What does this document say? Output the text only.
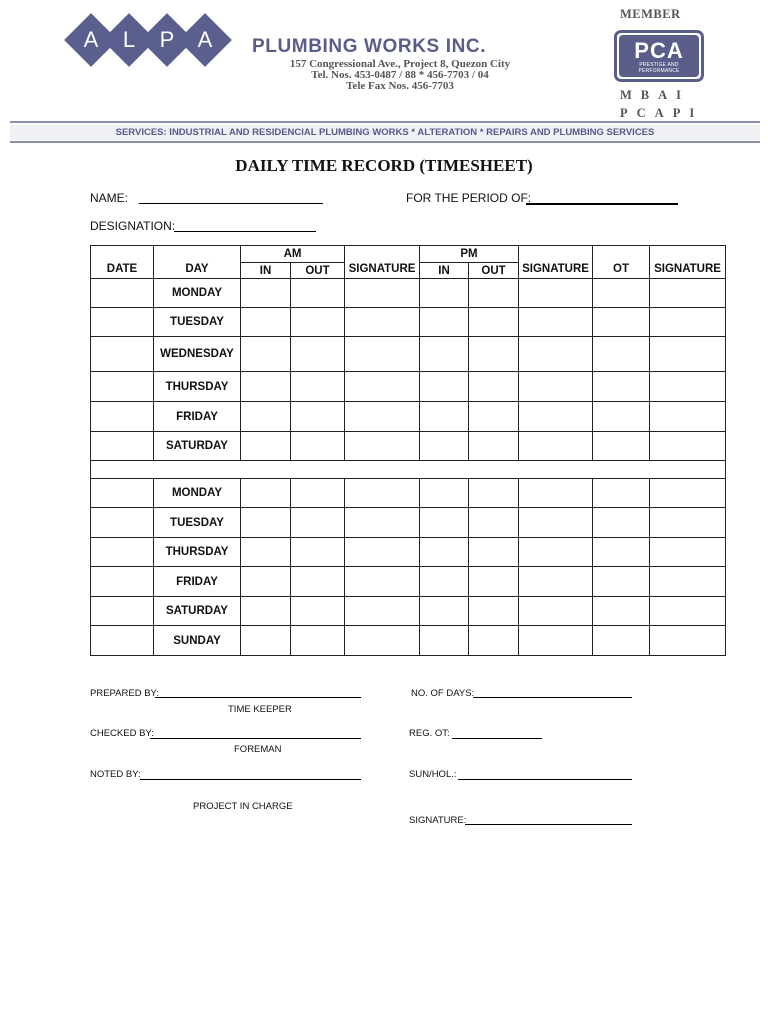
A	L	P	A	PLUMBING WORKS INC.
157 Congressional Ave., Project 8, Quezon City
Tel. Nos. 453-0487 / 88 * 456-7703 / 04
Tele Fax Nos. 456-7703
MEMBER
PCA
PRESTIGE AND PERFORMANCE
MBAI
PCAPI
SERVICES: INDUSTRIAL AND RESIDENCIAL PLUMBING WORKS * ALTERATION * REPAIRS AND PLUMBING SERVICES
DAILY TIME RECORD (TIMESHEET)
NAME:	FOR THE PERIOD OF:
DESIGNATION:
DATE	DAY	AM		SIGNATURE	PM		SIGNATURE	OT	SIGNATURE
		IN	OUT		IN	OUT			
	MONDAY								
	TUESDAY								
	WEDNESDAY								
	THURSDAY								
	FRIDAY								
	SATURDAY								

	MONDAY								
	TUESDAY								
	THURSDAY								
	FRIDAY								
	SATURDAY								
	SUNDAY								
PREPARED BY:
TIME KEEPER
CHECKED BY:
FOREMAN
NOTED BY:
PROJECT IN CHARGE
NO. OF DAYS:
REG. OT:
SUN/HOL.:
SIGNATURE:
